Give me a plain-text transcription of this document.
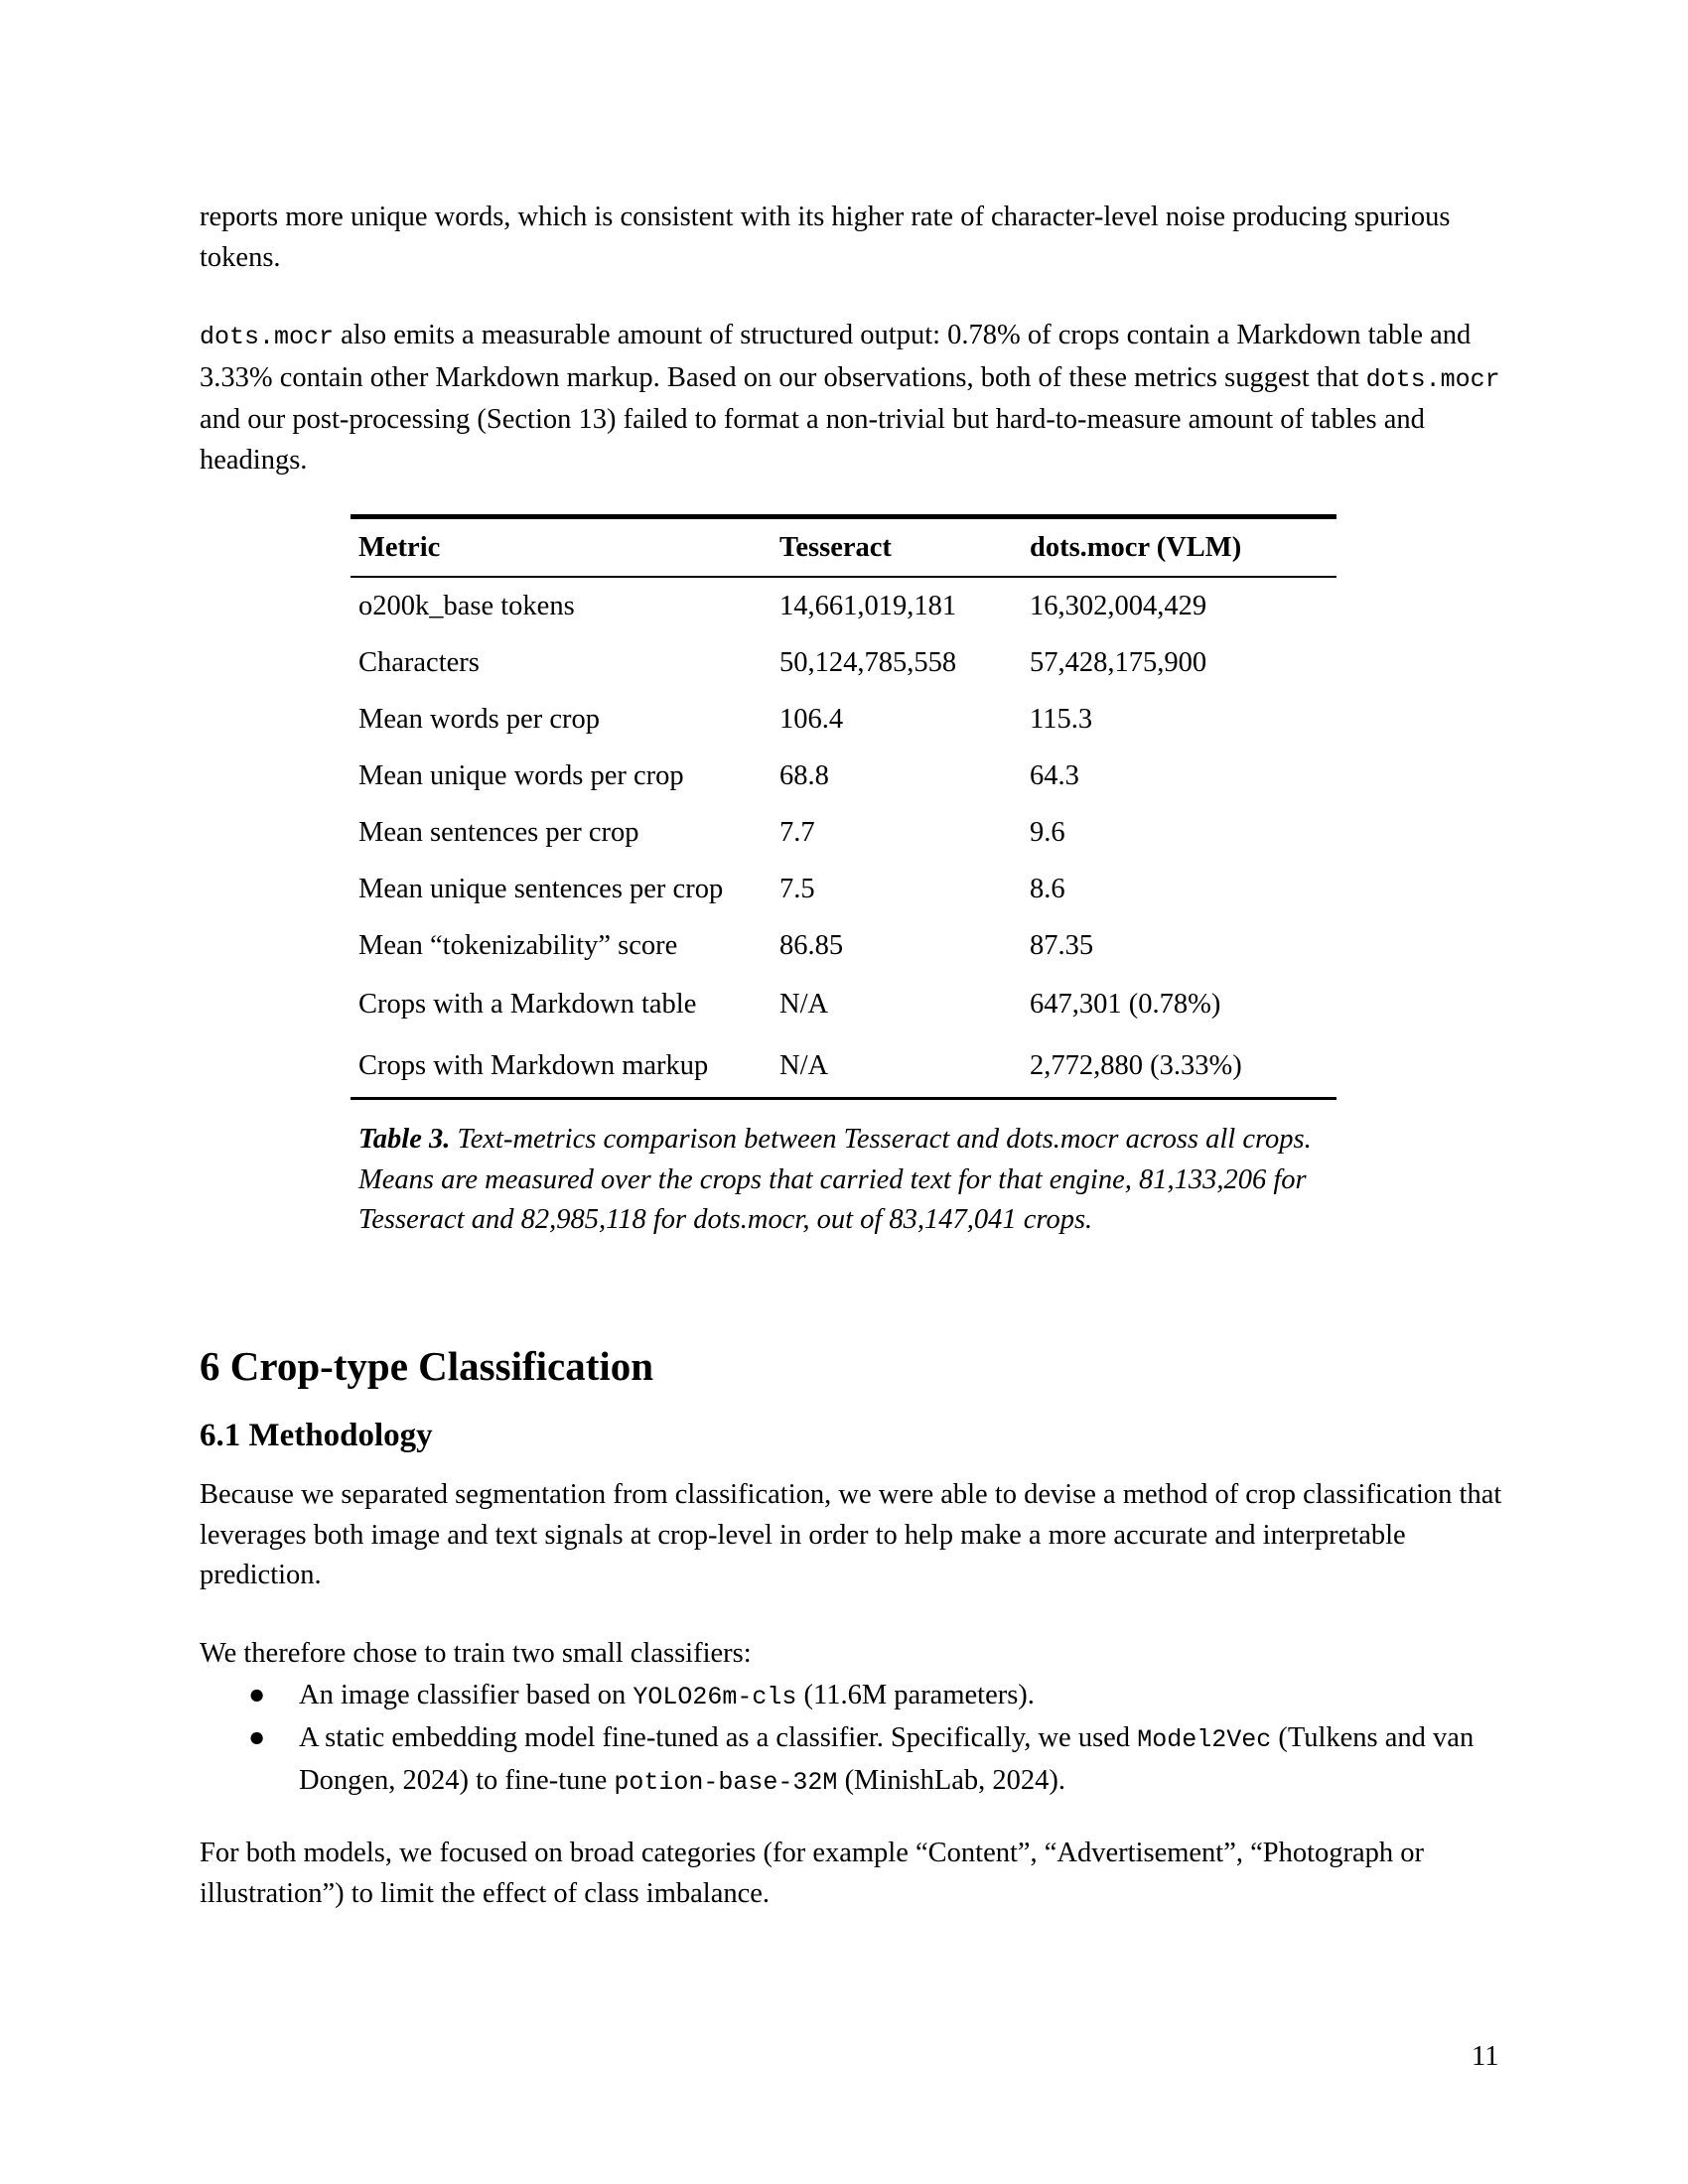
reports more unique words, which is consistent with its higher rate of character-level noise producing spurious tokens.

dots.mocr also emits a measurable amount of structured output: 0.78% of crops contain a Markdown table and 3.33% contain other Markdown markup. Based on our observations, both of these metrics suggest that dots.mocr and our post-processing (Section 13) failed to format a non-trivial but hard-to-measure amount of tables and headings.

Metric	Tesseract	dots.mocr (VLM)
o200k_base tokens	14,661,019,181	16,302,004,429
Characters	50,124,785,558	57,428,175,900
Mean words per crop	106.4	115.3
Mean unique words per crop	68.8	64.3
Mean sentences per crop	7.7	9.6
Mean unique sentences per crop	7.5	8.6
Mean “tokenizability” score	86.85	87.35
Crops with a Markdown table	N/A	647,301 (0.78%)
Crops with Markdown markup	N/A	2,772,880 (3.33%)

Table 3. Text-metrics comparison between Tesseract and dots.mocr across all crops. Means are measured over the crops that carried text for that engine, 81,133,206 for Tesseract and 82,985,118 for dots.mocr, out of 83,147,041 crops.

6 Crop-type Classification
6.1 Methodology

Because we separated segmentation from classification, we were able to devise a method of crop classification that leverages both image and text signals at crop-level in order to help make a more accurate and interpretable prediction.

We therefore chose to train two small classifiers:

● An image classifier based on YOLO26m-cls (11.6M parameters).
● A static embedding model fine-tuned as a classifier. Specifically, we used Model2Vec (Tulkens and van Dongen, 2024) to fine-tune potion-base-32M (MinishLab, 2024).

For both models, we focused on broad categories (for example “Content”, “Advertisement”, “Photograph or illustration”) to limit the effect of class imbalance.

11
